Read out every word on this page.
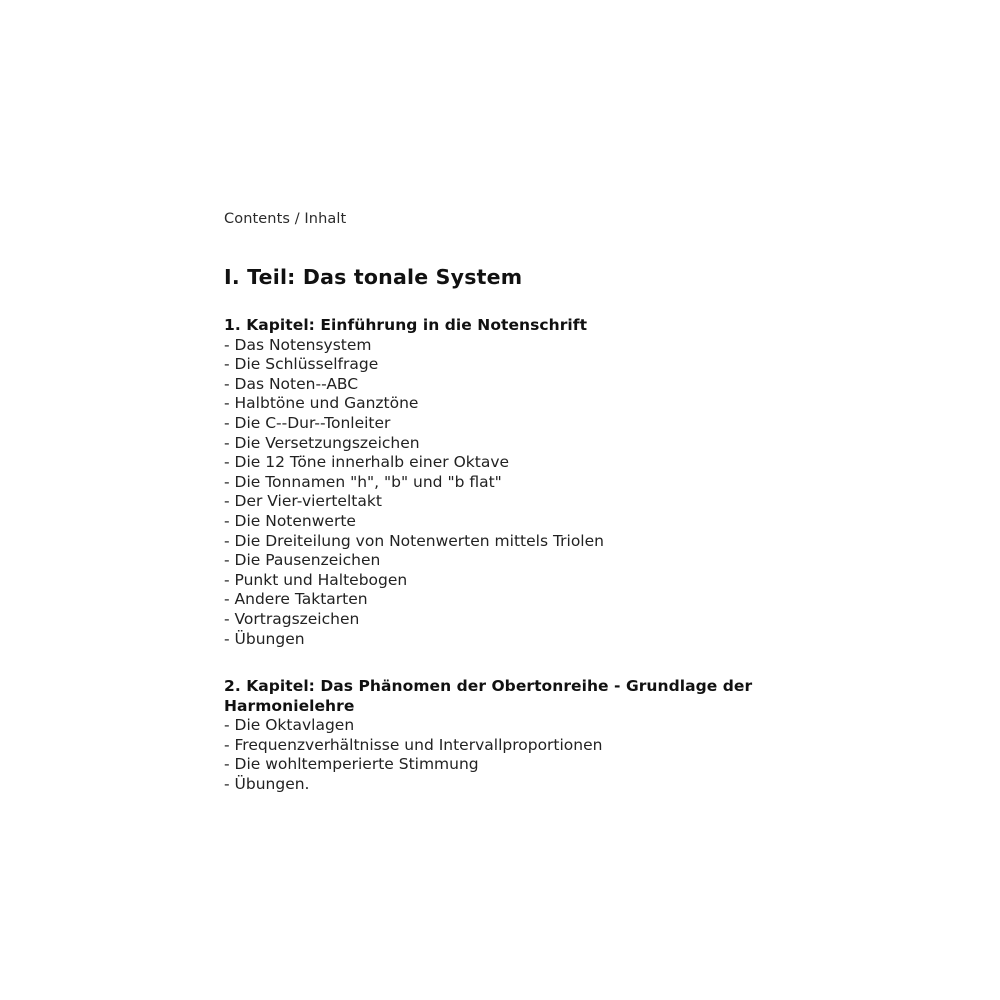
Contents / Inhalt
I. Teil: Das tonale System
1. Kapitel: Einführung in die Notenschrift
- Das Notensystem
- Die Schlüsselfrage
- Das Noten--ABC
- Halbtöne und Ganztöne
- Die C--Dur--Tonleiter
- Die Versetzungszeichen
- Die 12 Töne innerhalb einer Oktave
- Die Tonnamen "h", "b" und "b flat"
- Der Vier-vierteltakt
- Die Notenwerte
- Die Dreiteilung von Notenwerten mittels Triolen
- Die Pausenzeichen
- Punkt und Haltebogen
- Andere Taktarten
- Vortragszeichen
- Übungen
2. Kapitel: Das Phänomen der Obertonreihe - Grundlage der Harmonielehre
- Die Oktavlagen
- Frequenzverhältnisse und Intervallproportionen
- Die wohltemperierte Stimmung
- Übungen.
